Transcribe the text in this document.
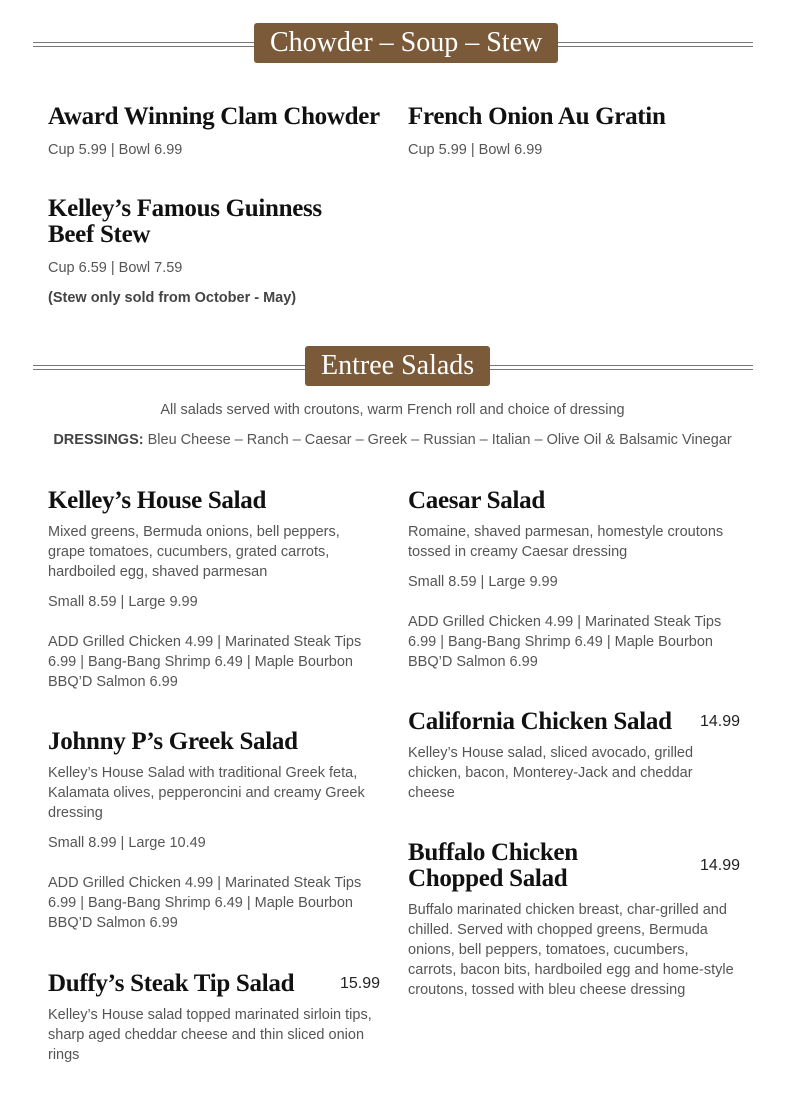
Chowder – Soup – Stew
Award Winning Clam Chowder

Cup 5.99 | Bowl 6.99

French Onion Au Gratin

Cup 5.99 | Bowl 6.99

Kelley’s Famous Guinness Beef Stew

Cup 6.59 | Bowl 7.59

(Stew only sold from October - May)

Entree Salads
All salads served with croutons, warm French roll and choice of dressing
DRESSINGS: Bleu Cheese – Ranch – Caesar – Greek – Russian – Italian – Olive Oil & Balsamic Vinegar
Kelley’s House Salad

Mixed greens, Bermuda onions, bell peppers, grape tomatoes, cucumbers, grated carrots, hardboiled egg, shaved parmesan

Small 8.59 | Large 9.99

ADD Grilled Chicken 4.99 | Marinated Steak Tips 6.99 | Bang-Bang Shrimp 6.49 | Maple Bourbon BBQ’D Salmon 6.99

Johnny P’s Greek Salad

Kelley’s House Salad with traditional Greek feta, Kalamata olives, pepperoncini and creamy Greek dressing

Small 8.99 | Large 10.49

ADD Grilled Chicken 4.99 | Marinated Steak Tips 6.99 | Bang-Bang Shrimp 6.49 | Maple Bourbon BBQ’D Salmon 6.99

Duffy’s Steak Tip Salad	15.99

Kelley’s House salad topped marinated sirloin tips, sharp aged cheddar cheese and thin sliced onion rings

Caesar Salad

Romaine, shaved parmesan, homestyle croutons tossed in creamy Caesar dressing

Small 8.59 | Large 9.99

ADD Grilled Chicken 4.99 | Marinated Steak Tips 6.99 | Bang-Bang Shrimp 6.49 | Maple Bourbon BBQ’D Salmon 6.99

California Chicken Salad 14.99

Kelley’s House salad, sliced avocado, grilled chicken, bacon, Monterey-Jack and cheddar cheese

Buffalo Chicken Chopped Salad	14.99

Buffalo marinated chicken breast, char-grilled and chilled. Served with chopped greens, Bermuda onions, bell peppers, tomatoes, cucumbers, carrots, bacon bits, hardboiled egg and home-style croutons, tossed with bleu cheese dressing
